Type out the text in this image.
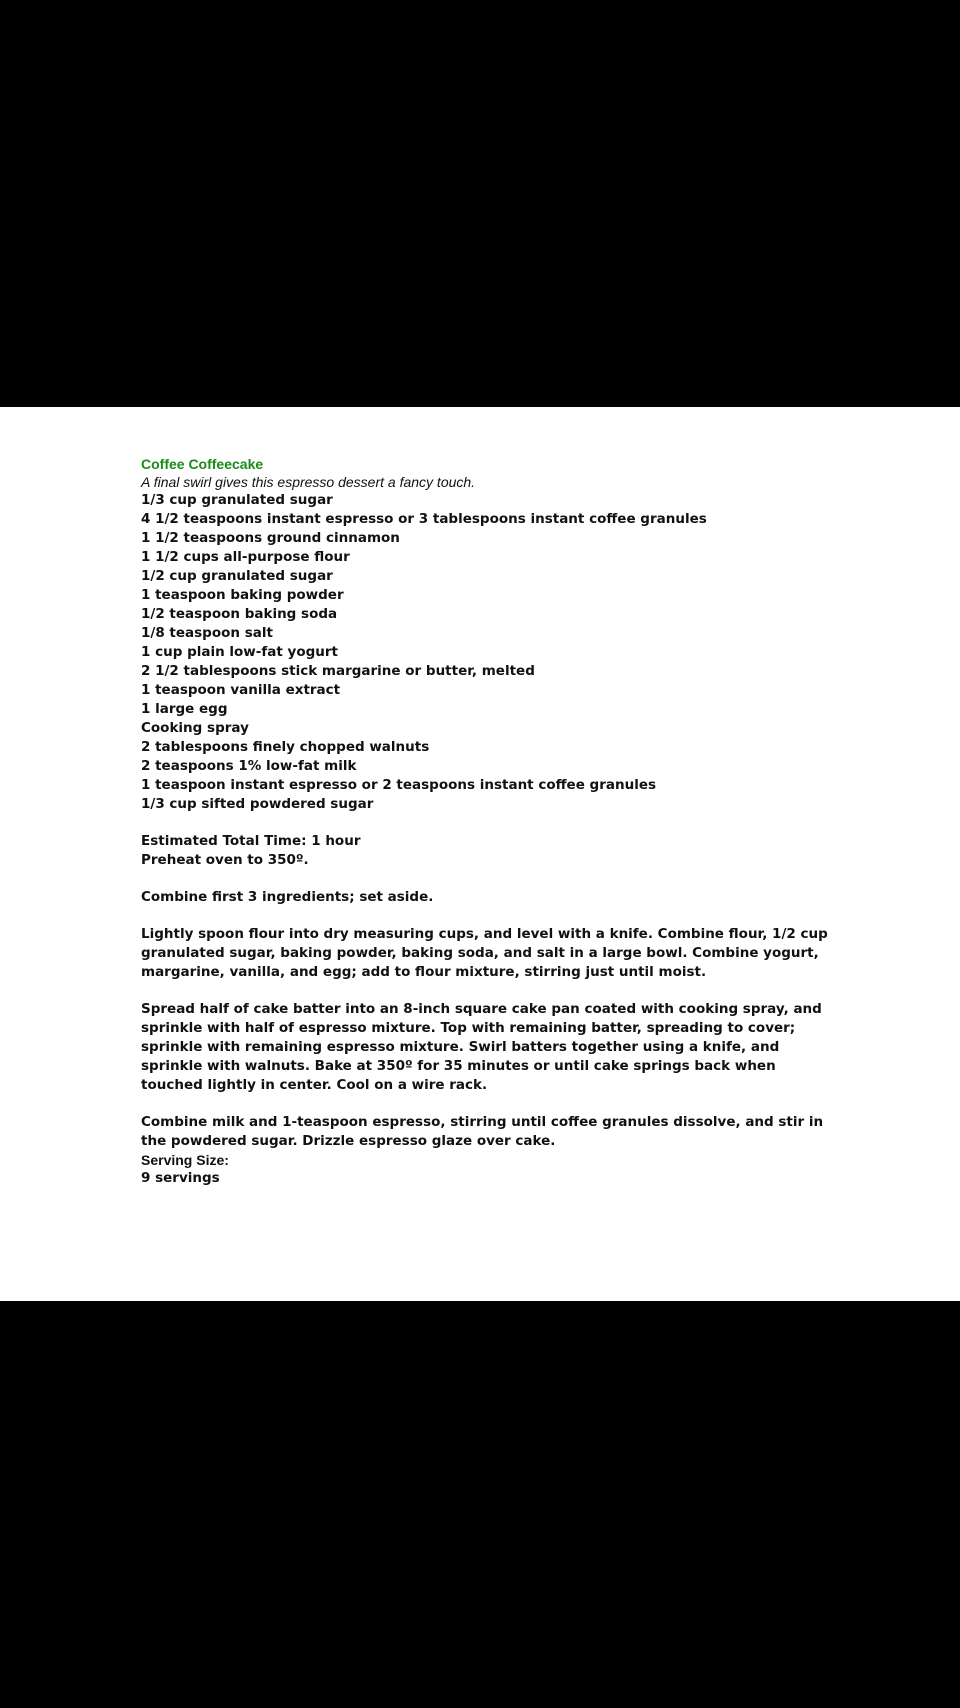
Coffee Coffeecake

A final swirl gives this espresso dessert a fancy touch.

1/3 cup granulated sugar
4 1/2 teaspoons instant espresso or 3 tablespoons instant coffee granules
1 1/2 teaspoons ground cinnamon
1 1/2 cups all-purpose flour
1/2 cup granulated sugar
1 teaspoon baking powder
1/2 teaspoon baking soda
1/8 teaspoon salt
1 cup plain low-fat yogurt
2 1/2 tablespoons stick margarine or butter, melted
1 teaspoon vanilla extract
1 large egg
Cooking spray
2 tablespoons finely chopped walnuts
2 teaspoons 1% low-fat milk
1 teaspoon instant espresso or 2 teaspoons instant coffee granules
1/3 cup sifted powdered sugar

Estimated Total Time: 1 hour

Preheat oven to 350º.

Combine first 3 ingredients; set aside.

Lightly spoon flour into dry measuring cups, and level with a knife. Combine flour, 1/2 cup granulated sugar, baking powder, baking soda, and salt in a large bowl. Combine yogurt, margarine, vanilla, and egg; add to flour mixture, stirring just until moist.

Spread half of cake batter into an 8-inch square cake pan coated with cooking spray, and sprinkle with half of espresso mixture. Top with remaining batter, spreading to cover; sprinkle with remaining espresso mixture. Swirl batters together using a knife, and sprinkle with walnuts. Bake at 350º for 35 minutes or until cake springs back when touched lightly in center. Cool on a wire rack.

Combine milk and 1-teaspoon espresso, stirring until coffee granules dissolve, and stir in the powdered sugar. Drizzle espresso glaze over cake.

Serving Size:

9 servings
